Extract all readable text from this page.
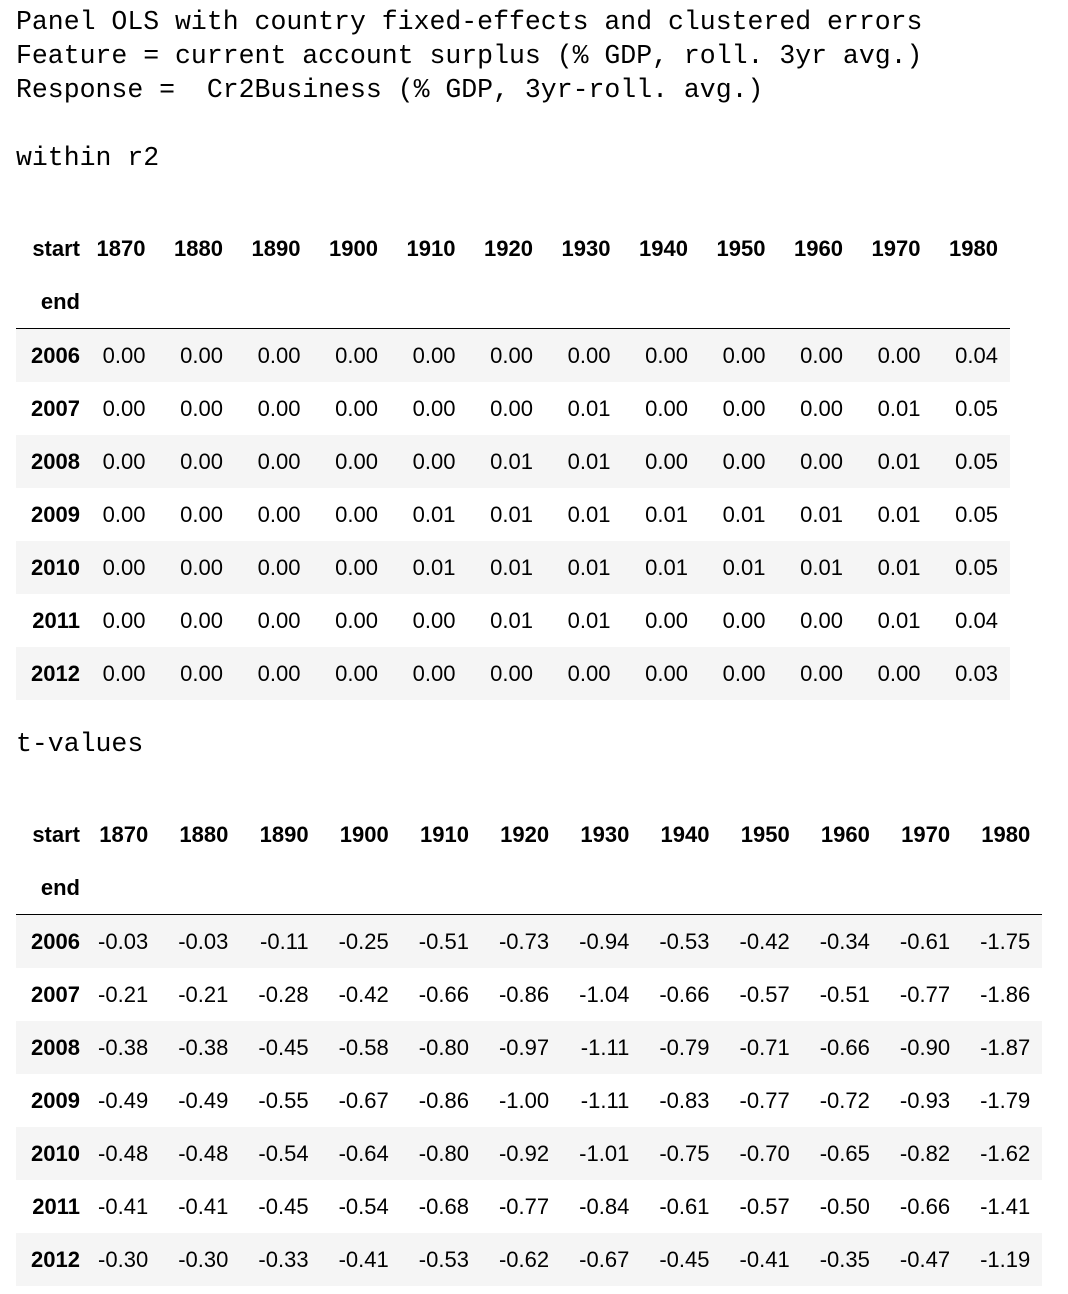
Panel OLS with country fixed-effects and clustered errors
Feature = current account surplus (% GDP, roll. 3yr avg.)
Response =  Cr2Business (% GDP, 3yr-roll. avg.)
within r2
start	1870	1880	1890	1900	1910	1920	1930	1940	1950	1960	1970	1980
end												
2006	0.00	0.00	0.00	0.00	0.00	0.00	0.00	0.00	0.00	0.00	0.00	0.04
2007	0.00	0.00	0.00	0.00	0.00	0.00	0.01	0.00	0.00	0.00	0.01	0.05
2008	0.00	0.00	0.00	0.00	0.00	0.01	0.01	0.00	0.00	0.00	0.01	0.05
2009	0.00	0.00	0.00	0.00	0.01	0.01	0.01	0.01	0.01	0.01	0.01	0.05
2010	0.00	0.00	0.00	0.00	0.01	0.01	0.01	0.01	0.01	0.01	0.01	0.05
2011	0.00	0.00	0.00	0.00	0.00	0.01	0.01	0.00	0.00	0.00	0.01	0.04
2012	0.00	0.00	0.00	0.00	0.00	0.00	0.00	0.00	0.00	0.00	0.00	0.03
t-values
start	1870	1880	1890	1900	1910	1920	1930	1940	1950	1960	1970	1980
end												
2006	-0.03	-0.03	-0.11	-0.25	-0.51	-0.73	-0.94	-0.53	-0.42	-0.34	-0.61	-1.75
2007	-0.21	-0.21	-0.28	-0.42	-0.66	-0.86	-1.04	-0.66	-0.57	-0.51	-0.77	-1.86
2008	-0.38	-0.38	-0.45	-0.58	-0.80	-0.97	-1.11	-0.79	-0.71	-0.66	-0.90	-1.87
2009	-0.49	-0.49	-0.55	-0.67	-0.86	-1.00	-1.11	-0.83	-0.77	-0.72	-0.93	-1.79
2010	-0.48	-0.48	-0.54	-0.64	-0.80	-0.92	-1.01	-0.75	-0.70	-0.65	-0.82	-1.62
2011	-0.41	-0.41	-0.45	-0.54	-0.68	-0.77	-0.84	-0.61	-0.57	-0.50	-0.66	-1.41
2012	-0.30	-0.30	-0.33	-0.41	-0.53	-0.62	-0.67	-0.45	-0.41	-0.35	-0.47	-1.19
